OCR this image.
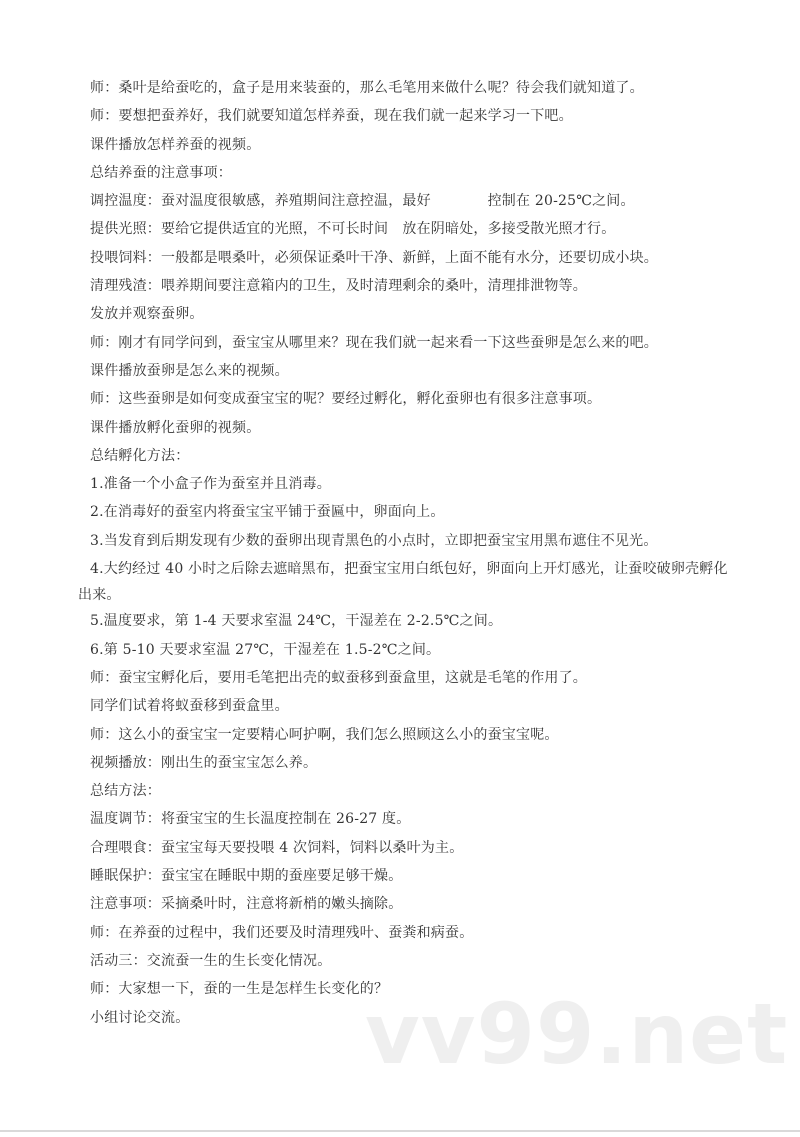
师：桑叶是给蚕吃的，盒子是用来装蚕的，那么毛笔用来做什么呢？待会我们就知道了。
师：要想把蚕养好，我们就要知道怎样养蚕，现在我们就一起来学习一下吧。
课件播放怎样养蚕的视频。
总结养蚕的注意事项：
调控温度：蚕对温度很敏感，养殖期间注意控温，最好　　　　控制在 20-25℃之间。
提供光照：要给它提供适宜的光照，不可长时间　放在阴暗处，多接受散光照才行。
投喂饲料：一般都是喂桑叶，必须保证桑叶干净、新鲜，上面不能有水分，还要切成小块。
清理残渣：喂养期间要注意箱内的卫生，及时清理剩余的桑叶，清理排泄物等。
发放并观察蚕卵。
师：刚才有同学问到，蚕宝宝从哪里来？现在我们就一起来看一下这些蚕卵是怎么来的吧。
课件播放蚕卵是怎么来的视频。
师：这些蚕卵是如何变成蚕宝宝的呢？要经过孵化，孵化蚕卵也有很多注意事项。
课件播放孵化蚕卵的视频。
总结孵化方法：
1.准备一个小盒子作为蚕室并且消毒。
2.在消毒好的蚕室内将蚕宝宝平铺于蚕匾中，卵面向上。
3.当发育到后期发现有少数的蚕卵出现青黑色的小点时，立即把蚕宝宝用黑布遮住不见光。
4.大约经过 40 小时之后除去遮暗黑布，把蚕宝宝用白纸包好，卵面向上开灯感光，让蚕咬破卵壳孵化
出来。
5.温度要求，第 1-4 天要求室温 24℃，干湿差在 2-2.5℃之间。
6.第 5-10 天要求室温 27℃，干湿差在 1.5-2℃之间。
师：蚕宝宝孵化后，要用毛笔把出壳的蚁蚕移到蚕盒里，这就是毛笔的作用了。
同学们试着将蚁蚕移到蚕盒里。
师：这么小的蚕宝宝一定要精心呵护啊，我们怎么照顾这么小的蚕宝宝呢。
视频播放：刚出生的蚕宝宝怎么养。
总结方法：
温度调节：将蚕宝宝的生长温度控制在 26-27 度。
合理喂食：蚕宝宝每天要投喂 4 次饲料，饲料以桑叶为主。
睡眠保护：蚕宝宝在睡眠中期的蚕座要足够干燥。
注意事项：采摘桑叶时，注意将新梢的嫩头摘除。
师：在养蚕的过程中，我们还要及时清理残叶、蚕粪和病蚕。
活动三：交流蚕一生的生长变化情况。
师：大家想一下，蚕的一生是怎样生长变化的？
小组讨论交流。	vv99.net
